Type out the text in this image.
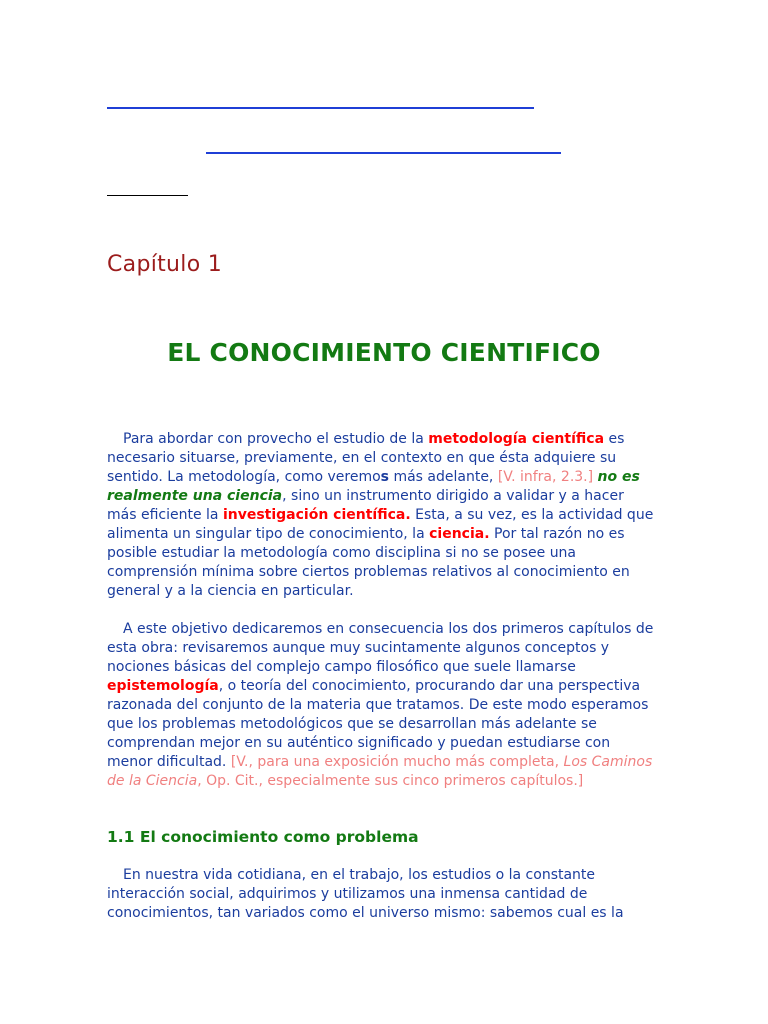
Capítulo 1
EL CONOCIMIENTO CIENTIFICO

Para abordar con provecho el estudio de la metodología científica es necesario situarse, previamente, en el contexto en que ésta adquiere su sentido. La metodología, como veremos más adelante, [V. infra, 2.3.] no es realmente una ciencia, sino un instrumento dirigido a validar y a hacer más eficiente la investigación científica. Esta, a su vez, es la actividad que alimenta un singular tipo de conocimiento, la ciencia. Por tal razón no es posible estudiar la metodología como disciplina si no se posee una comprensión mínima sobre ciertos problemas relativos al conocimiento en general y a la ciencia en particular.

A este objetivo dedicaremos en consecuencia los dos primeros capítulos de esta obra: revisaremos aunque muy sucintamente algunos conceptos y nociones básicas del complejo campo filosófico que suele llamarse epistemología, o teoría del conocimiento, procurando dar una perspectiva razonada del conjunto de la materia que tratamos. De este modo esperamos que los problemas metodológicos que se desarrollan más adelante se comprendan mejor en su auténtico significado y puedan estudiarse con menor dificultad. [V., para una exposición mucho más completa, Los Caminos de la Ciencia, Op. Cit., especialmente sus cinco primeros capítulos.]

1.1 El conocimiento como problema

En nuestra vida cotidiana, en el trabajo, los estudios o la constante interacción social, adquirimos y utilizamos una inmensa cantidad de conocimientos, tan variados como el universo mismo: sabemos cual es la
